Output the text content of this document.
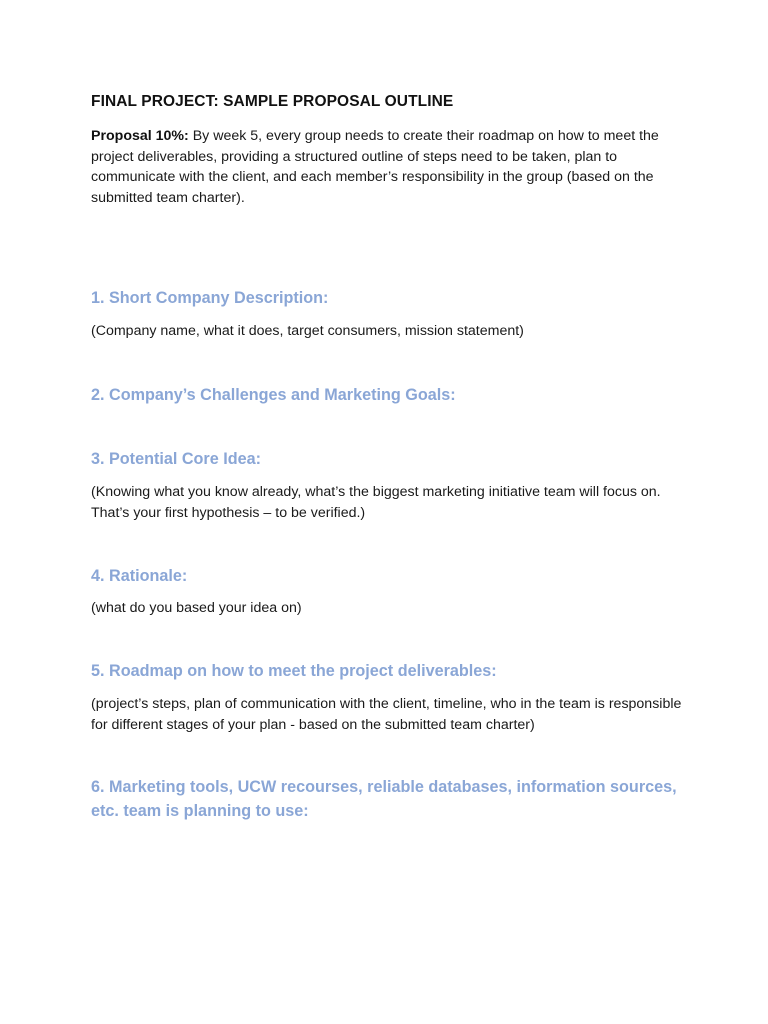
FINAL PROJECT: SAMPLE PROPOSAL OUTLINE

Proposal 10%: By week 5, every group needs to create their roadmap on how to meet the project deliverables, providing a structured outline of steps need to be taken, plan to communicate with the client, and each member’s responsibility in the group (based on the submitted team charter).

1. Short Company Description:

(Company name, what it does, target consumers, mission statement)

2. Company’s Challenges and Marketing Goals:
3. Potential Core Idea:

(Knowing what you know already, what’s the biggest marketing initiative team will focus on. That’s your first hypothesis – to be verified.)

4. Rationale:

(what do you based your idea on)

5. Roadmap on how to meet the project deliverables:

(project’s steps, plan of communication with the client, timeline, who in the team is responsible for different stages of your plan - based on the submitted team charter)

6. Marketing tools, UCW recourses, reliable databases, information sources, etc. team is planning to use:
